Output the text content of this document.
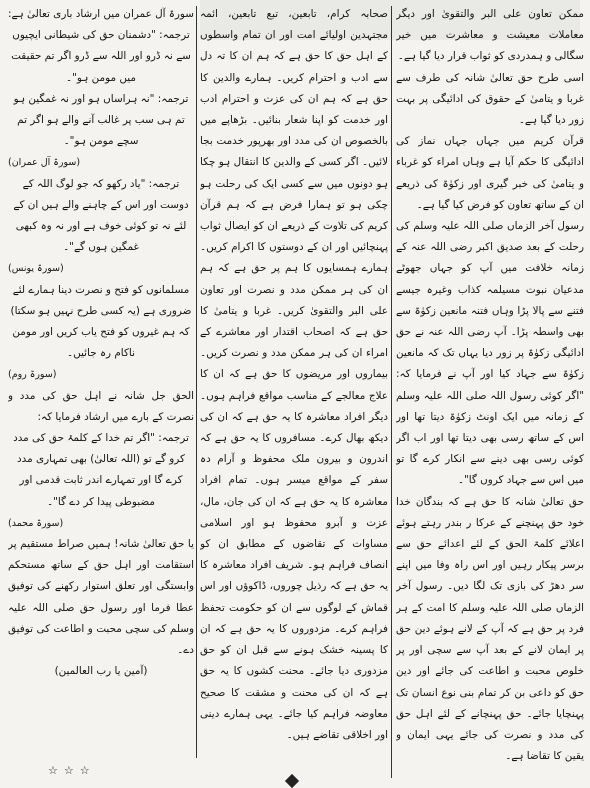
ممکن تعاون علی البر والتقویٰ اور دیگر معاملات معیشت و معاشرت میں خیر سگالی و ہمدردی کو ثواب قرار دیا گیا ہے۔

اسی طرح حق تعالیٰ شانہ کی طرف سے غربا و یتامیٰ کے حقوق کی ادائیگی پر بہت زور دیا گیا ہے۔

قرآن کریم میں جہاں جہاں نماز کی ادائیگی کا حکم آیا ہے وہاں امراء کو غرباء و یتامیٰ کی خبر گیری اور زکوٰۃ کی ذریعے ان کے ساتھ تعاون کو فرض کیا گیا ہے۔

رسول آخر الزماں صلی اللہ علیہ وسلم کی رحلت کے بعد صدیق اکبر رضی اللہ عنہ کے زمانہ خلافت میں آپ کو جہاں جھوٹے مدعیان نبوت مسیلمہ کذاب وغیرہ جیسے فتنے سے پالا پڑا وہاں فتنہ مانعین زکوٰۃ سے بھی واسطہ پڑا۔ آپ رضی اللہ عنہ نے حق ادائیگی زکوٰۃ پر زور دیا یہاں تک کہ مانعین زکوٰۃ سے جہاد کیا اور آپ نے فرمایا کہ: "اگر کوئی رسول اللہ صلی اللہ علیہ وسلم کے زمانہ میں ایک اونٹ زکوٰۃ دیتا تھا اور اس کے ساتھ رسی بھی دیتا تھا اور اب اگر کوئی رسی بھی دینے سے انکار کرے گا تو میں اس سے جہاد کروں گا"۔

حق تعالیٰ شانہ کا حق ہے کہ بندگان خدا خود حق پہنچنے کے عرکا ر بندر رہتے ہوئے اعلائے کلمۃ الحق کے لئے اعدائے حق سے برسر پیکار رہیں اور اس راہ وفا میں اپنے سر دھڑ کی بازی تک لگا دیں۔ رسول آخر الزماں صلی اللہ علیہ وسلم کا امت کے ہر فرد پر حق ہے کہ آپ کے لانے ہوئے دین حق پر ایمان لانے کے بعد آپ سے سچی اور پر خلوص محبت و اطاعت کی جائے اور دین حق کو داعی بن کر تمام بنی نوع انسان تک پہنچایا جائے۔ حق پہنچانے کے لئے اہل حق کی مدد و نصرت کی جائے یہی ایمان و یقین کا تقاضا ہے۔

صحابہ کرام، تابعین، تبع تابعین، ائمہ مجتہدین اولیائے امت اور ان تمام واسطوں کے اہل حق کا حق ہے کہ ہم ان کا تہ دل سے ادب و احترام کریں۔ ہمارے والدین کا حق ہے کہ ہم ان کی عزت و احترام ادب اور خدمت کو اپنا شعار بنائیں۔ بڑھاپے میں بالخصوص ان کی مدد اور بھرپور خدمت بجا لائیں۔ اگر کسی کے والدین کا انتقال ہو چکا ہو دونوں میں سے کسی ایک کی رحلت ہو چکی ہو تو ہمارا فرض ہے کہ ہم قرآن کریم کی تلاوت کے ذریعے ان کو ایصال ثواب پہنچائیں اور ان کے دوستوں کا اکرام کریں۔ ہمارے ہمسایوں کا ہم پر حق ہے کہ ہم ان کی ہر ممکن مدد و نصرت اور تعاون علی البر والتقویٰ کریں۔ غربا و یتامیٰ کا حق ہے کہ اصحاب اقتدار اور معاشرے کے امراء ان کی ہر ممکن مدد و نصرت کریں۔ بیماروں اور مریضوں کا حق ہے کہ ان کا علاج معالجے کے مناسب مواقع فراہم ہوں۔ دیگر افراد معاشرہ کا یہ حق ہے کہ ان کی دیکھ بھال کرے۔ مسافروں کا یہ حق ہے کہ اندرون و بیرون ملک محفوظ و آرام دہ سفر کے مواقع میسر ہوں۔ تمام افراد معاشرہ کا یہ حق ہے کہ ان کی جان، مال، عزت و آبرو محفوظ ہو اور اسلامی مساوات کے تقاضوں کے مطابق ان کو انصاف فراہم ہو۔ شریف افراد معاشرہ کا یہ حق ہے کہ رذیل چوروں، ڈاکوؤں اور اس قماش کے لوگوں سے ان کو حکومت تحفظ فراہم کرے۔ مزدوروں کا یہ حق ہے کہ ان کا پسینہ خشک ہونے سے قبل ان کو حق مزدوری دیا جائے۔ محنت کشوں کا یہ حق ہے کہ ان کی محنت و مشقت کا صحیح معاوضہ فراہم کیا جائے۔ یہی ہمارے دینی اور اخلاقی تقاضے ہیں۔

سورۃ آل عمران میں ارشاد باری تعالیٰ ہے:

ترجمہ: "دشمنان حق کی شیطانی ایچیوں سے نہ ڈرو اور اللہ سے ڈرو اگر تم حقیقت میں مومن ہو"۔

ترجمہ: "نہ ہراساں ہو اور نہ غمگین ہو تم ہی سب پر غالب آنے والے ہو اگر تم سچے مومن ہو"۔

(سورۃ آل عمران)

ترجمہ: "یاد رکھو کہ جو لوگ اللہ کے دوست اور اس کے چاہنے والے ہیں ان کے لئے نہ تو کوئی خوف ہے اور نہ وہ کبھی غمگین ہوں گے"۔

(سورۃ یونس)

مسلمانوں کو فتح و نصرت دینا ہمارے لئے ضروری ہے (یہ کسی طرح نہیں ہو سکتا) کہ ہم غیروں کو فتح یاب کریں اور مومن ناکام رہ جائیں۔

(سورۃ روم)

الحق جل شانہ نے اہل حق کی مدد و نصرت کے بارے میں ارشاد فرمایا کہ:

ترجمہ: "اگر تم خدا کے کلمۂ حق کی مدد کرو گے تو (اللہ تعالیٰ) بھی تمہاری مدد کرے گا اور تمہارے اندر ثابت قدمی اور مضبوطی پیدا کر دے گا"۔

(سورۃ محمد)

یا حق تعالیٰ شانہ! ہمیں صراط مستقیم پر استقامت اور اہل حق کے ساتھ مستحکم وابستگی اور تعلق استوار رکھنے کی توفیق عطا فرما اور رسول حق صلی اللہ علیہ وسلم کی سچی محبت و اطاعت کی توفیق دے۔

(آمین یا رب العالمین)

☆☆☆
